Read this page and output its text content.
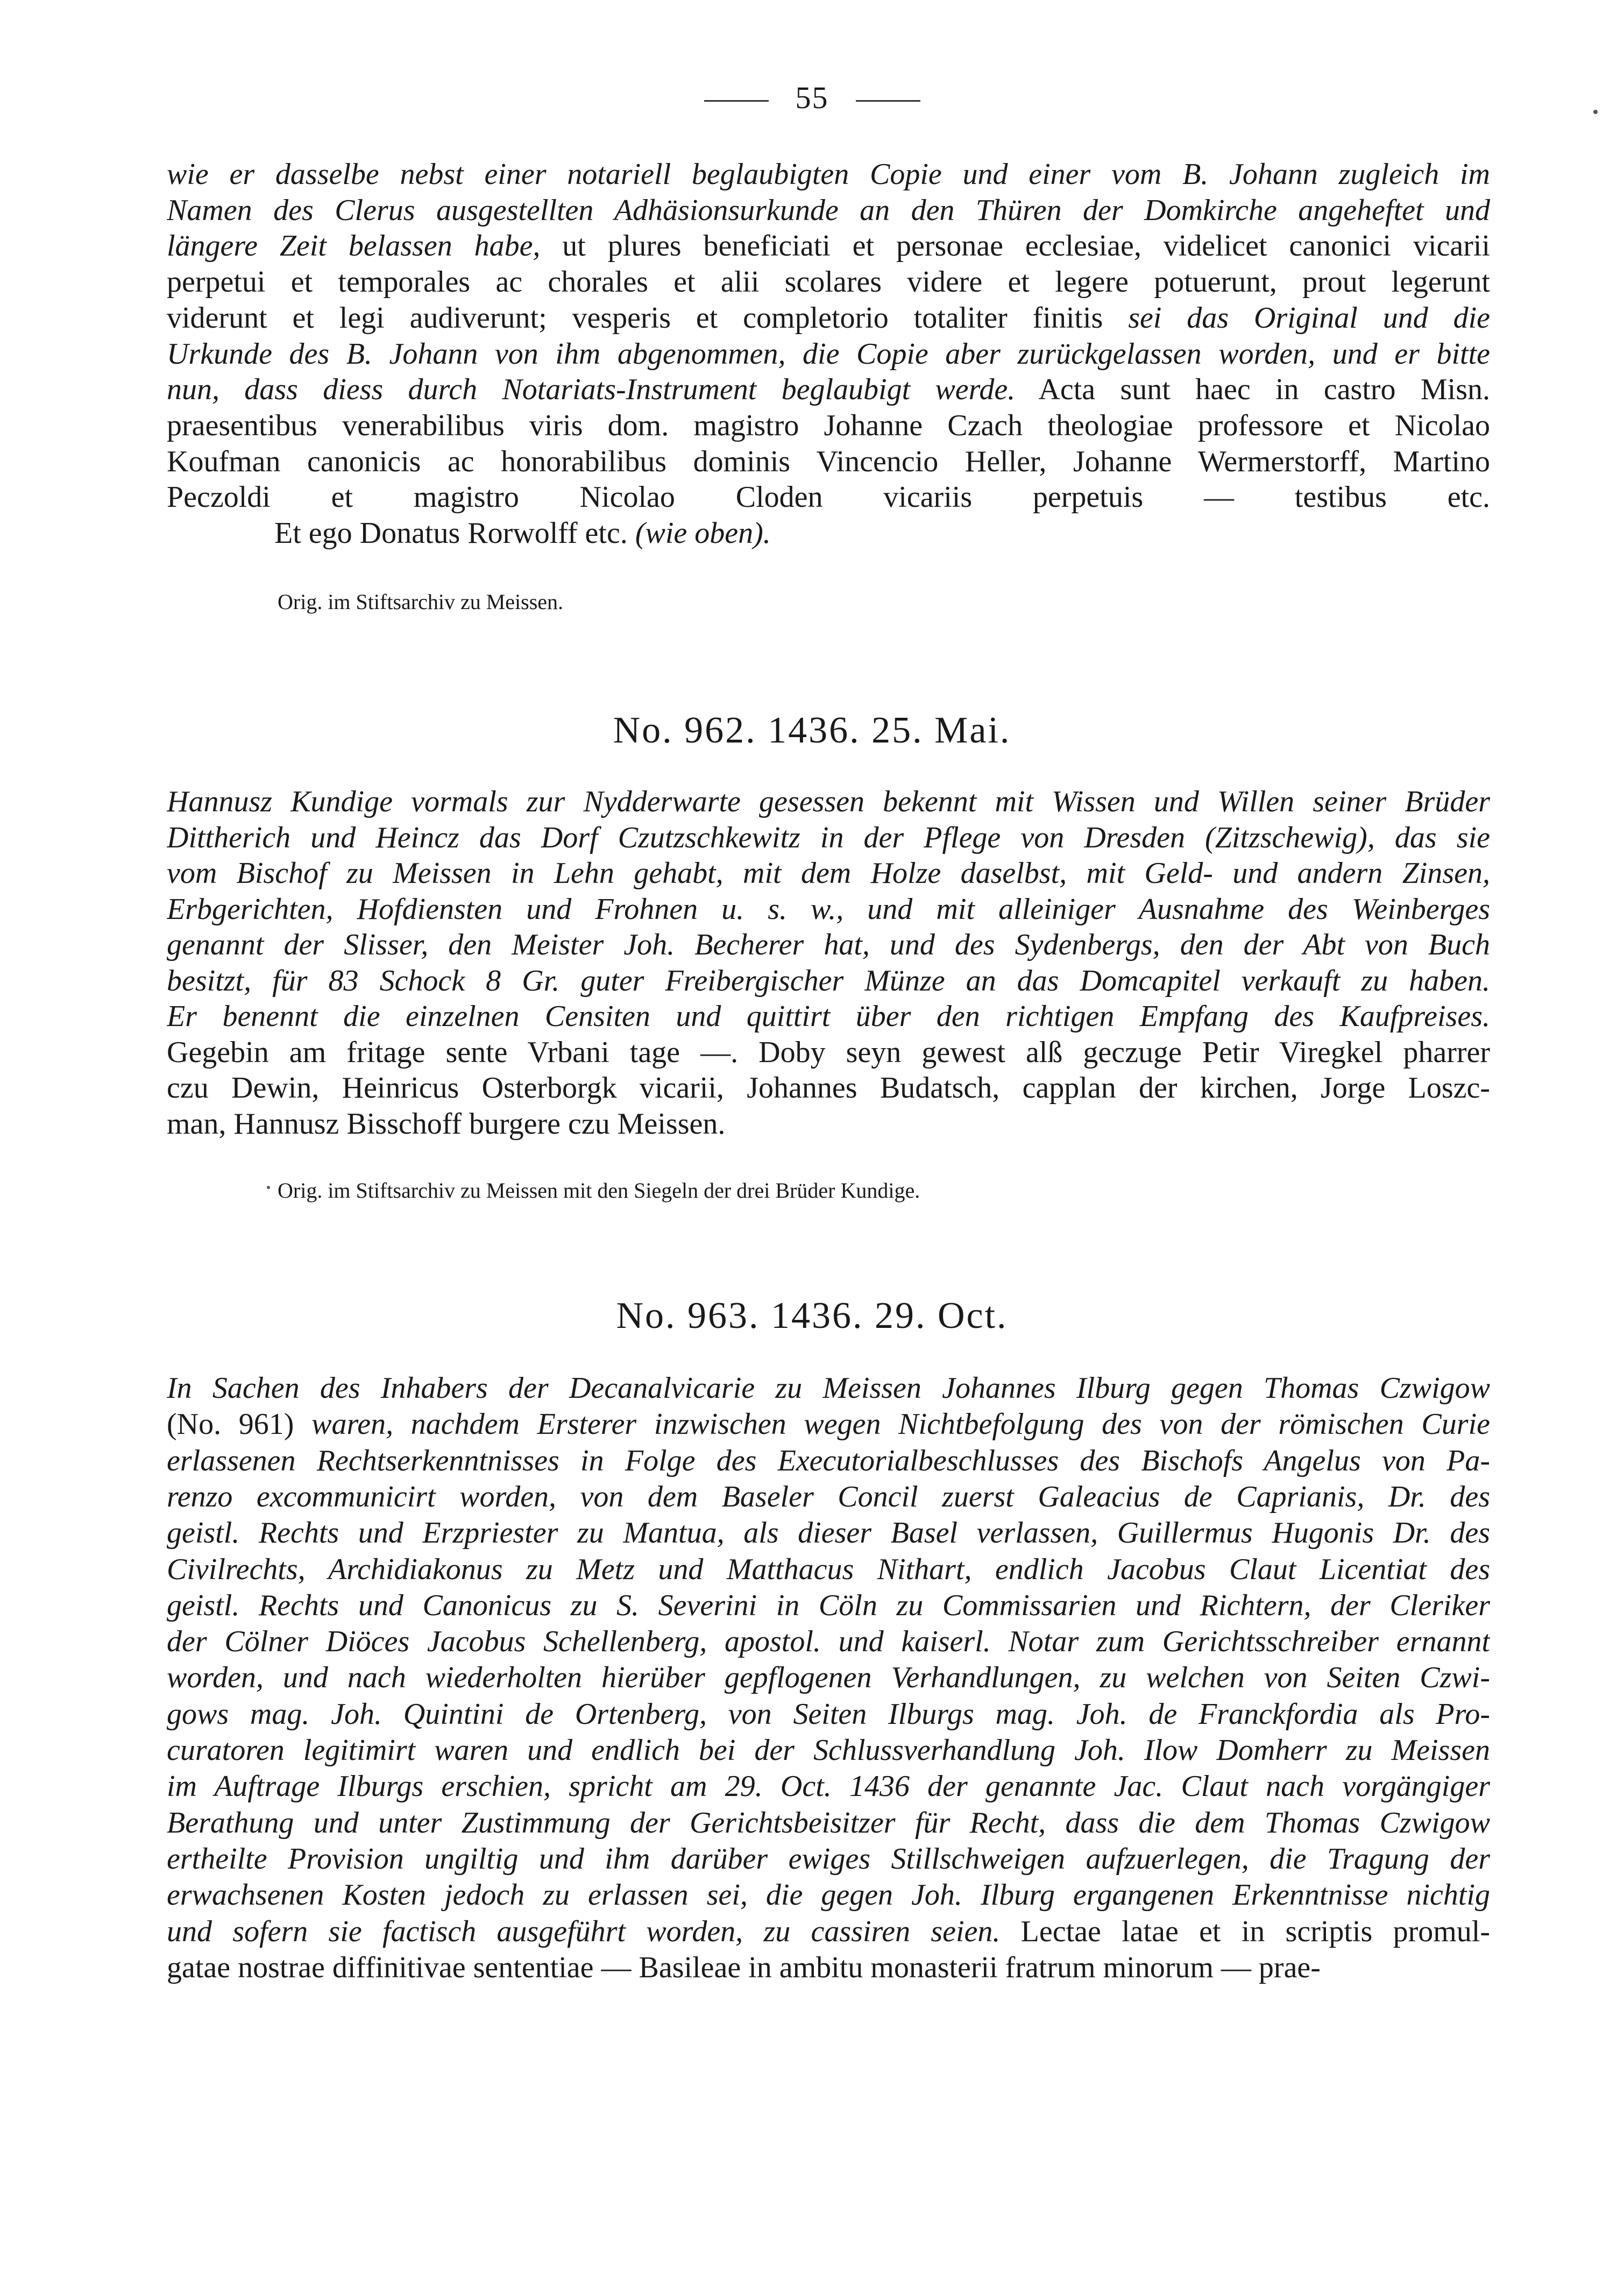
55
wie er dasselbe nebst einer notariell beglaubigten Copie und einer vom B. Johann zugleich im
Namen des Clerus ausgestellten Adhäsionsurkunde an den Thüren der Domkirche angeheftet und
längere Zeit belassen habe, ut plures beneficiati et personae ecclesiae, videlicet canonici vicarii
perpetui et temporales ac chorales et alii scolares videre et legere potuerunt, prout legerunt
viderunt et legi audiverunt; vesperis et completorio totaliter finitis sei das Original und die
Urkunde des B. Johann von ihm abgenommen, die Copie aber zurückgelassen worden, und er bitte
nun, dass diess durch Notariats-Instrument beglaubigt werde. Acta sunt haec in castro Misn.
praesentibus venerabilibus viris dom. magistro Johanne Czach theologiae professore et Nicolao
Koufman canonicis ac honorabilibus dominis Vincencio Heller, Johanne Wermerstorff, Martino
Peczoldi et magistro Nicolao Cloden vicariis perpetuis — testibus etc.
Et ego Donatus Rorwolff etc. (wie oben).
Orig. im Stiftsarchiv zu Meissen.
No. 962. 1436. 25. Mai.
Hannusz Kundige vormals zur Nydderwarte gesessen bekennt mit Wissen und Willen seiner Brüder
Dittherich und Heincz das Dorf Czutzschkewitz in der Pflege von Dresden (Zitzschewig), das sie
vom Bischof zu Meissen in Lehn gehabt, mit dem Holze daselbst, mit Geld- und andern Zinsen,
Erbgerichten, Hofdiensten und Frohnen u. s. w., und mit alleiniger Ausnahme des Weinberges
genannt der Slisser, den Meister Joh. Becherer hat, und des Sydenbergs, den der Abt von Buch
besitzt, für 83 Schock 8 Gr. guter Freibergischer Münze an das Domcapitel verkauft zu haben.
Er benennt die einzelnen Censiten und quittirt über den richtigen Empfang des Kaufpreises.
Gegebin am fritage sente Vrbani tage —. Doby seyn gewest alß geczuge Petir Viregkel pharrer
czu Dewin, Heinricus Osterborgk vicarii, Johannes Budatsch, capplan der kirchen, Jorge Loszc-
man, Hannusz Bisschoff burgere czu Meissen.
Orig. im Stiftsarchiv zu Meissen mit den Siegeln der drei Brüder Kundige.
No. 963. 1436. 29. Oct.
In Sachen des Inhabers der Decanalvicarie zu Meissen Johannes Ilburg gegen Thomas Czwigow
(No. 961) waren, nachdem Ersterer inzwischen wegen Nichtbefolgung des von der römischen Curie
erlassenen Rechtserkenntnisses in Folge des Executorialbeschlusses des Bischofs Angelus von Pa-
renzo excommunicirt worden, von dem Baseler Concil zuerst Galeacius de Caprianis, Dr. des
geistl. Rechts und Erzpriester zu Mantua, als dieser Basel verlassen, Guillermus Hugonis Dr. des
Civilrechts, Archidiakonus zu Metz und Matthacus Nithart, endlich Jacobus Claut Licentiat des
geistl. Rechts und Canonicus zu S. Severini in Cöln zu Commissarien und Richtern, der Cleriker
der Cölner Diöces Jacobus Schellenberg, apostol. und kaiserl. Notar zum Gerichtsschreiber ernannt
worden, und nach wiederholten hierüber gepflogenen Verhandlungen, zu welchen von Seiten Czwi-
gows mag. Joh. Quintini de Ortenberg, von Seiten Ilburgs mag. Joh. de Franckfordia als Pro-
curatoren legitimirt waren und endlich bei der Schlussverhandlung Joh. Ilow Domherr zu Meissen
im Auftrage Ilburgs erschien, spricht am 29. Oct. 1436 der genannte Jac. Claut nach vorgängiger
Berathung und unter Zustimmung der Gerichtsbeisitzer für Recht, dass die dem Thomas Czwigow
ertheilte Provision ungiltig und ihm darüber ewiges Stillschweigen aufzuerlegen, die Tragung der
erwachsenen Kosten jedoch zu erlassen sei, die gegen Joh. Ilburg ergangenen Erkenntnisse nichtig
und sofern sie factisch ausgeführt worden, zu cassiren seien. Lectae latae et in scriptis promul-
gatae nostrae diffinitivae sententiae — Basileae in ambitu monasterii fratrum minorum — prae-
